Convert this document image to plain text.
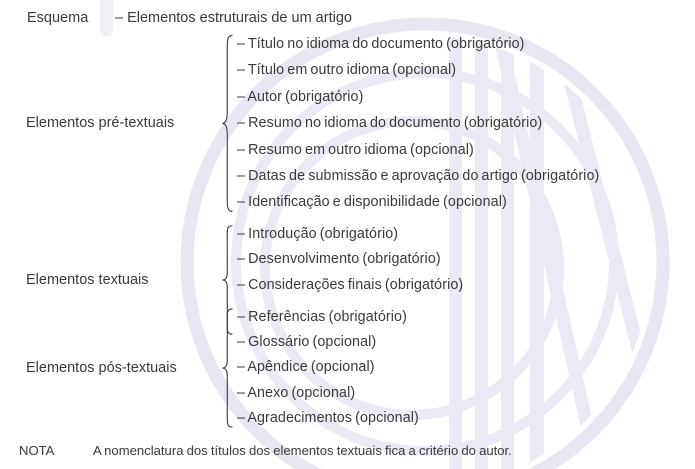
Esquema – Elementos estruturais de um artigo
Elementos pré-textuais
– Título no idioma do documento (obrigatório)
– Título em outro idioma (opcional)
– Autor (obrigatório)
– Resumo no idioma do documento (obrigatório)
– Resumo em outro idioma (opcional)
– Datas de submissão e aprovação do artigo (obrigatório)
– Identificação e disponibilidade (opcional)
Elementos textuais
– Introdução (obrigatório)
– Desenvolvimento (obrigatório)
– Considerações finais (obrigatório)
Elementos pós-textuais
– Referências (obrigatório)
– Glossário (opcional)
– Apêndice (opcional)
– Anexo (opcional)
– Agradecimentos (opcional)
NOTA	A nomenclatura dos títulos dos elementos textuais fica a critério do autor.
